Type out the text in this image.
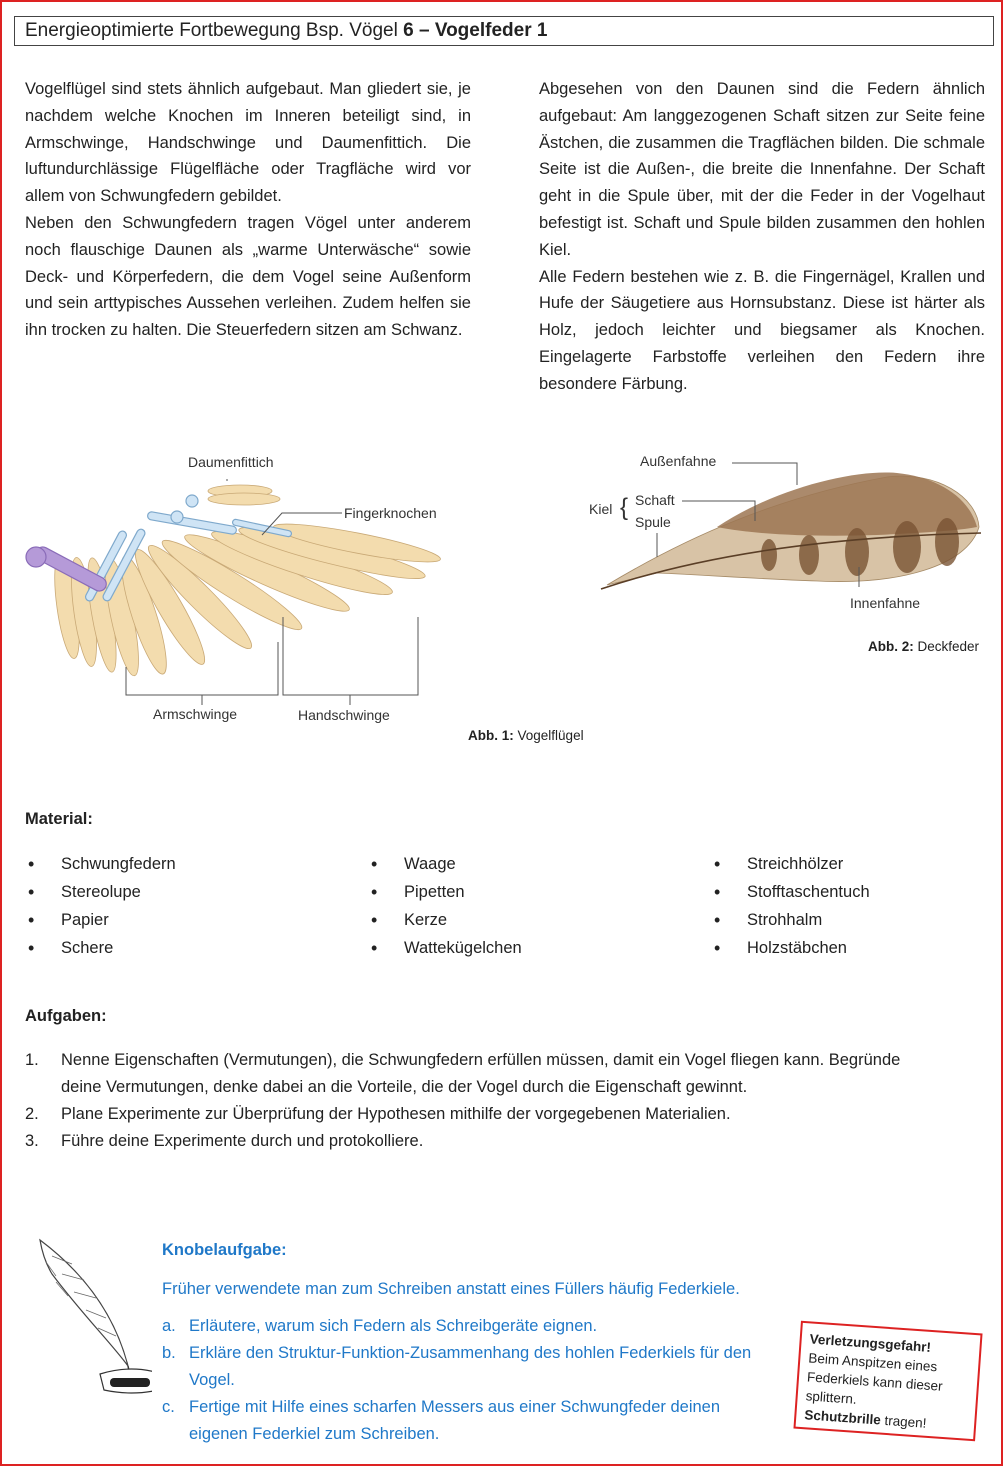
Energieoptimierte Fortbewegung Bsp. Vögel 6 – Vogelfeder 1

Vogelflügel sind stets ähnlich aufgebaut. Man gliedert sie, je nachdem welche Knochen im Inneren beteiligt sind, in Armschwinge, Handschwinge und Daumenfittich. Die luftundurchlässige Flügelfläche oder Tragfläche wird vor allem von Schwungfedern gebildet.

Neben den Schwungfedern tragen Vögel unter anderem noch flauschige Daunen als „warme Unterwäsche“ sowie Deck- und Körperfedern, die dem Vogel seine Außenform und sein arttypisches Aussehen verleihen. Zudem helfen sie ihn trocken zu halten. Die Steuerfedern sitzen am Schwanz.

Abgesehen von den Daunen sind die Federn ähnlich aufgebaut: Am langgezogenen Schaft sitzen zur Seite feine Ästchen, die zusammen die Tragflächen bilden. Die schmale Seite ist die Außen-, die breite die Innenfahne. Der Schaft geht in die Spule über, mit der die Feder in der Vogelhaut befestigt ist. Schaft und Spule bilden zusammen den hohlen Kiel.

Alle Federn bestehen wie z. B. die Fingernägel, Krallen und Hufe der Säugetiere aus Hornsubstanz. Diese ist härter als Holz, jedoch leichter und biegsamer als Knochen. Eingelagerte Farbstoffe verleihen den Federn ihre besondere Färbung.

Daumenfittich
Fingerknochen
Armschwinge	Handschwinge
Abb. 1: Vogelflügel
Außenfahne
Kiel { Schaft
Spule
Innenfahne
Abb. 2: Deckfeder
Material:
• Schwungfedern
• Stereolupe
• Papier
• Schere
• Waage
• Pipetten
• Kerze
• Wattekügelchen
• Streichhölzer
• Stofftaschentuch
• Strohhalm
• Holzstäbchen
Aufgaben:
1. Nenne Eigenschaften (Vermutungen), die Schwungfedern erfüllen müssen, damit ein Vogel fliegen kann. Begründe deine Vermutungen, denke dabei an die Vorteile, die der Vogel durch die Eigenschaft gewinnt.
2. Plane Experimente zur Überprüfung der Hypothesen mithilfe der vorgegebenen Materialien.
3. Führe deine Experimente durch und protokolliere.
Knobelaufgabe:
Früher verwendete man zum Schreiben anstatt eines Füllers häufig Federkiele.
a. Erläutere, warum sich Federn als Schreibgeräte eignen.
b. Erkläre den Struktur-Funktion-Zusammenhang des hohlen Federkiels für den Vogel.
c. Fertige mit Hilfe eines scharfen Messers aus einer Schwungfeder deinen eigenen Federkiel zum Schreiben.
Verletzungsgefahr!
Beim Anspitzen eines Federkiels kann dieser splittern.
Schutzbrille tragen!
